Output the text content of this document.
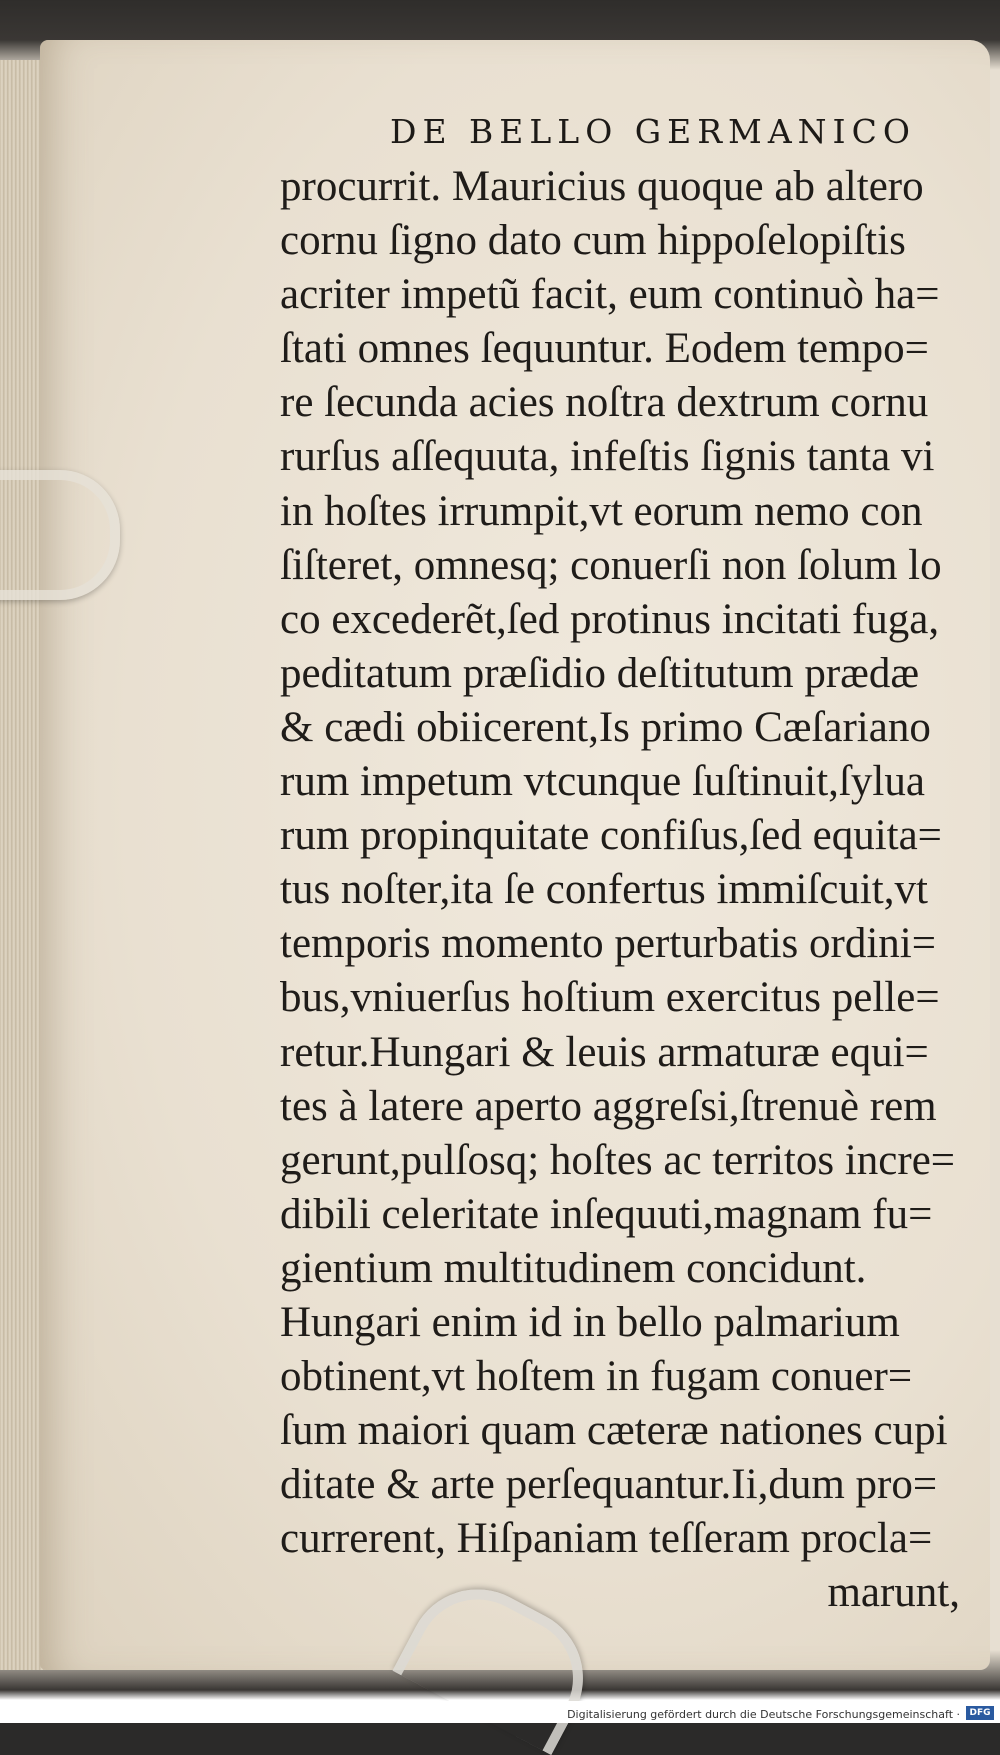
DE BELLO GERMANICO
procurrit. Mauricius quoque ab altero
cornu ſigno dato cum hippoſelopiſtis
acriter impetũ facit, eum continuò ha=
ſtati omnes ſequuntur. Eodem tempo=
re ſecunda acies noſtra dextrum cornu
rurſus aſſequuta, infeſtis ſignis tanta vi
in hoſtes irrumpit,vt eorum nemo con
ſiſteret, omnesq; conuerſi non ſolum lo
co excederẽt,ſed protinus incitati fuga,
peditatum præſidio deſtitutum prædæ
& cædi obiicerent,Is primo Cæſariano
rum impetum vtcunque ſuſtinuit,ſylua
rum propinquitate confiſus,ſed equita=
tus noſter,ita ſe confertus immiſcuit,vt
temporis momento perturbatis ordini=
bus,vniuerſus hoſtium exercitus pelle=
retur.Hungari & leuis armaturæ equi=
tes à latere aperto aggreſsi,ſtrenuè rem
gerunt,pulſosq; hoſtes ac territos incre=
dibili celeritate inſequuti,magnam fu=
gientium multitudinem concidunt.
Hungari enim id in bello palmarium
obtinent,vt hoſtem in fugam conuer=
ſum maiori quam cæteræ nationes cupi
ditate & arte perſequantur.Ii,dum pro=
currerent, Hiſpaniam teſſeram procla=
marunt,
Digitalisierung gefördert durch die Deutsche Forschungsgemeinschaft ·	DFG
